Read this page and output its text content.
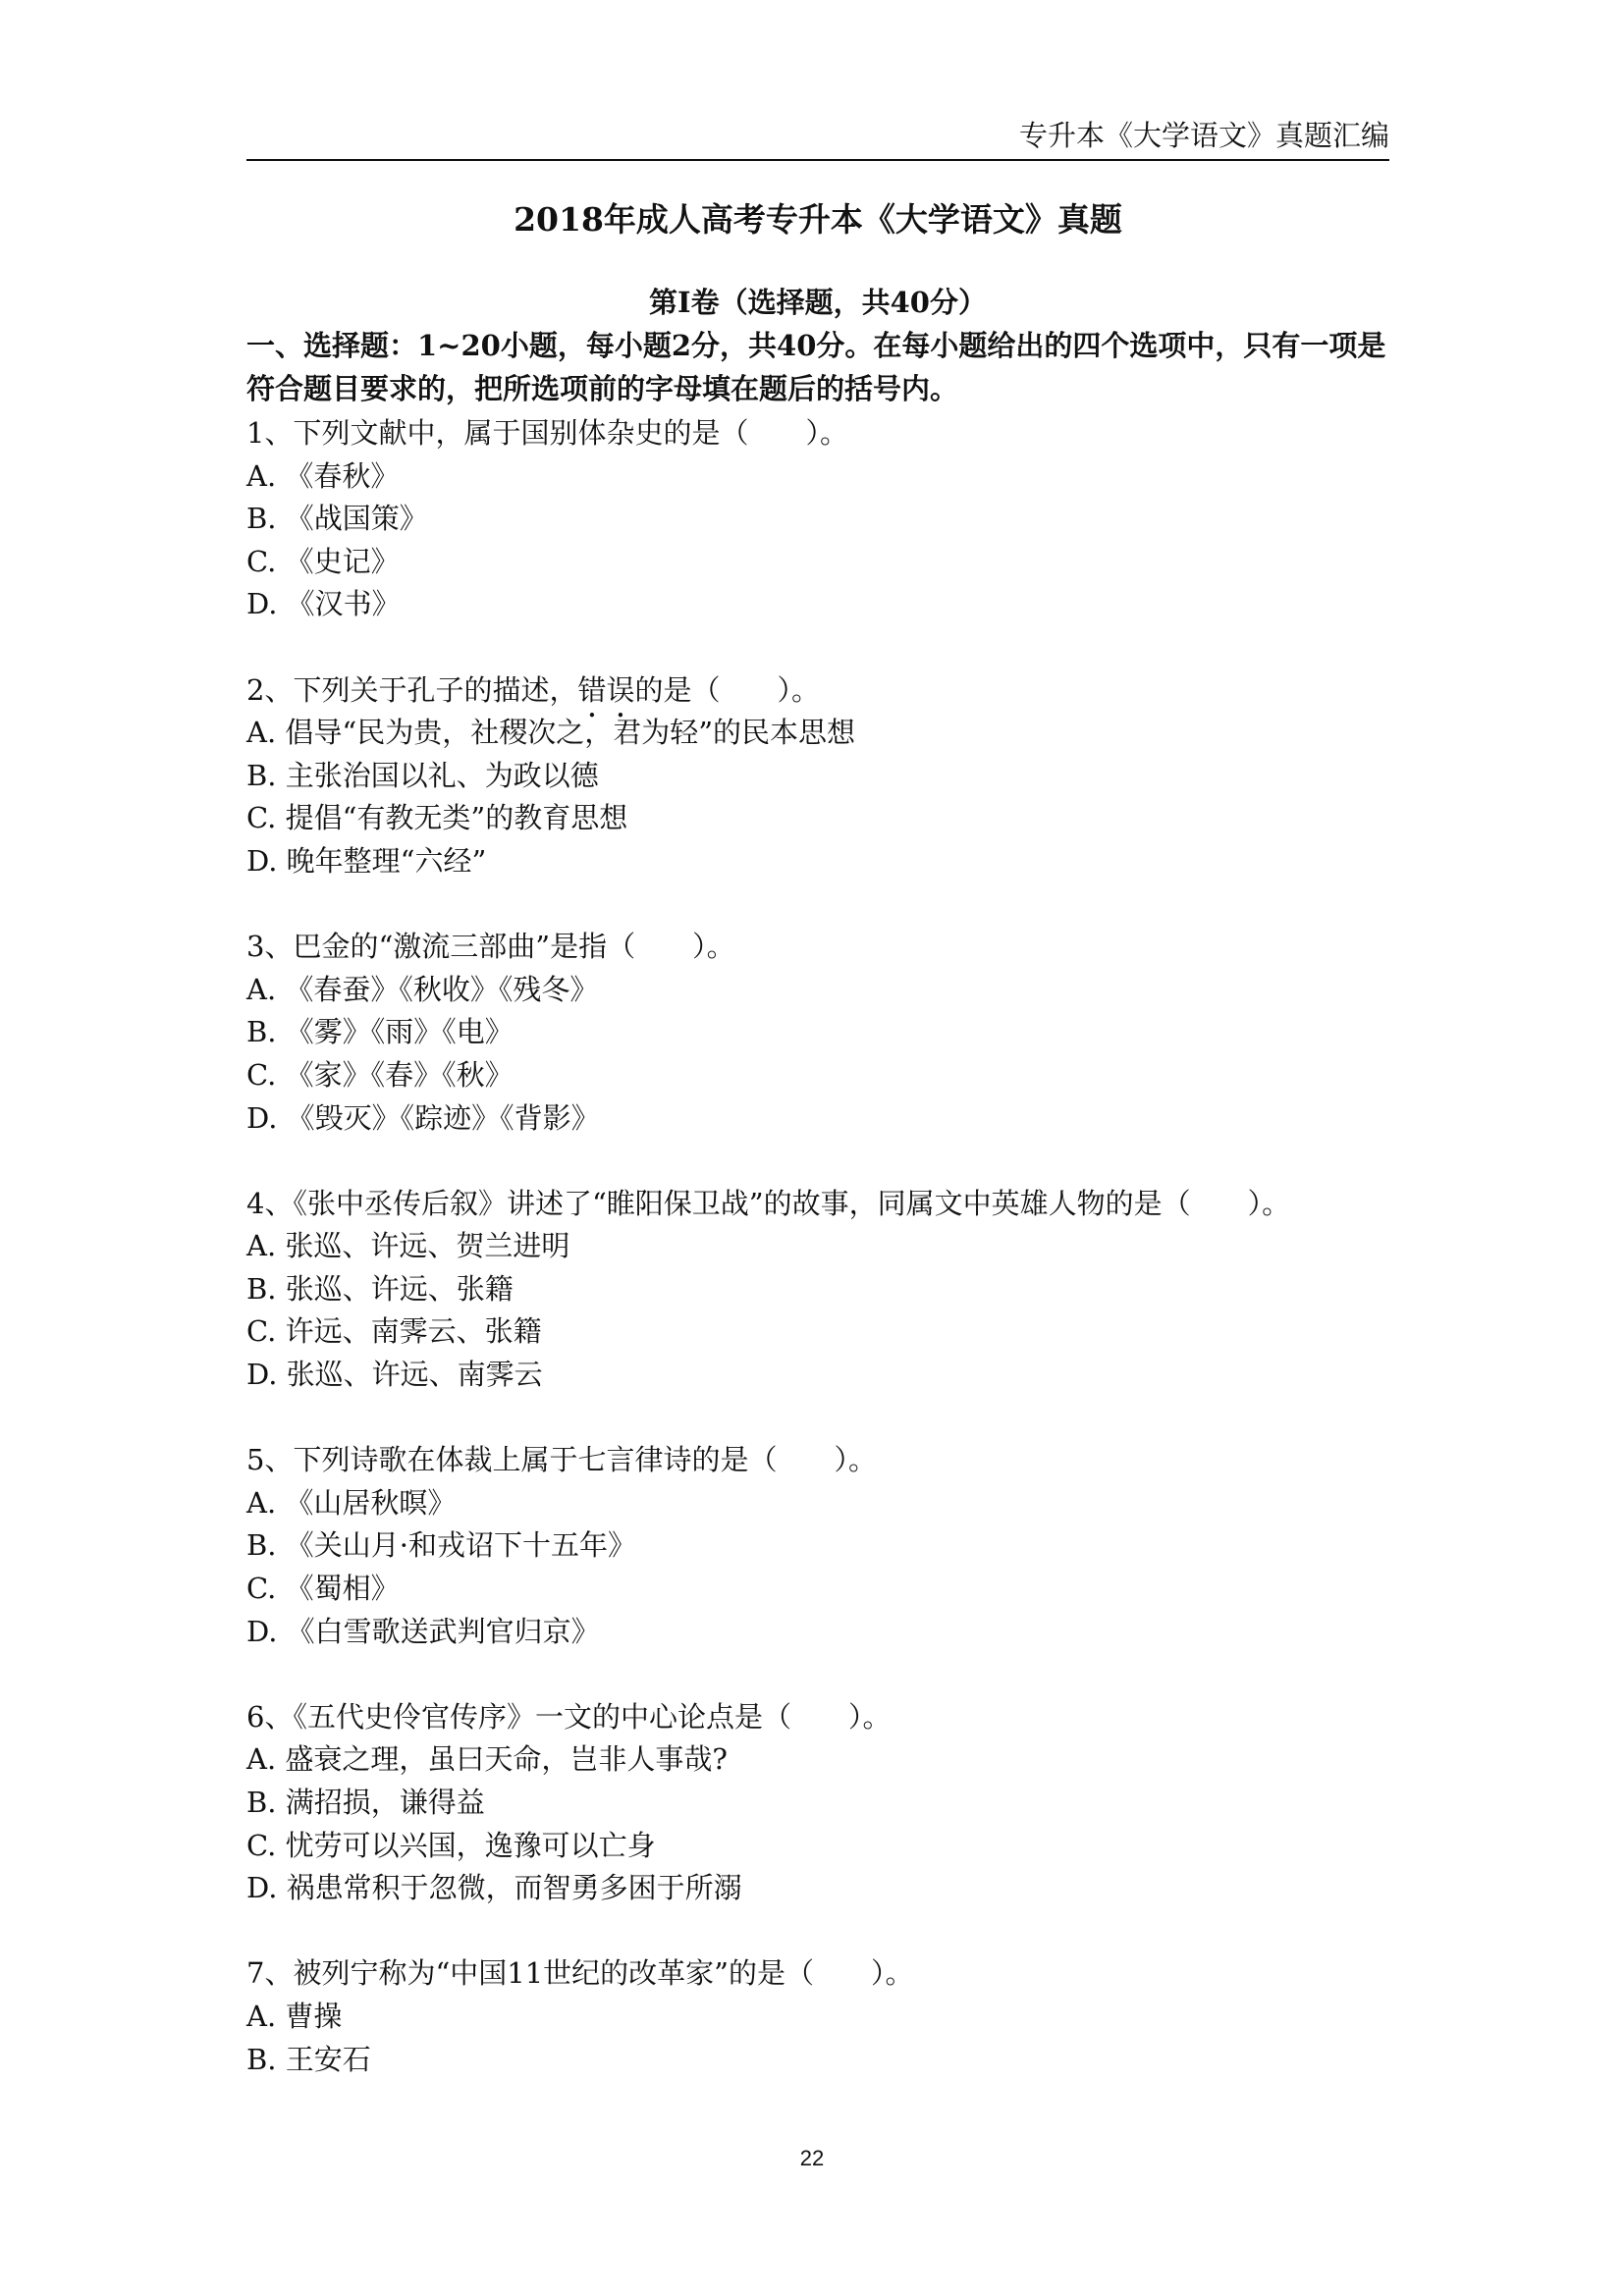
专升本《大学语文》真题汇编
2018年成人高考专升本《大学语文》真题
第Ⅰ卷（选择题，共40分）
一、选择题：1~20小题，每小题2分，共40分。在每小题给出的四个选项中，只有一项是
符合题目要求的，把所选项前的字母填在题后的括号内。
1、下列文献中，属于国别体杂史的是（　　）。
A. 《春秋》
B. 《战国策》
C. 《史记》
D. 《汉书》
2、下列关于孔子的描述，错误的是（　　）。
A. 倡导“民为贵，社稷次之，君为轻”的民本思想
B. 主张治国以礼、为政以德
C. 提倡“有教无类”的教育思想
D. 晚年整理“六经”
3、巴金的“激流三部曲”是指（　　）。
A. 《春蚕》《秋收》《残冬》
B. 《雾》《雨》《电》
C. 《家》《春》《秋》
D. 《毁灭》《踪迹》《背影》
4、《张中丞传后叙》讲述了“睢阳保卫战”的故事，同属文中英雄人物的是（　　）。
A. 张巡、许远、贺兰进明
B. 张巡、许远、张籍
C. 许远、南霁云、张籍
D. 张巡、许远、南霁云
5、下列诗歌在体裁上属于七言律诗的是（　　）。
A. 《山居秋暝》
B. 《关山月·和戎诏下十五年》
C. 《蜀相》
D. 《白雪歌送武判官归京》
6、《五代史伶官传序》一文的中心论点是（　　）。
A. 盛衰之理，虽曰天命，岂非人事哉?
B. 满招损，谦得益
C. 忧劳可以兴国，逸豫可以亡身
D. 祸患常积于忽微，而智勇多困于所溺
7、被列宁称为“中国11世纪的改革家”的是（　　）。
A. 曹操
B. 王安石
22
